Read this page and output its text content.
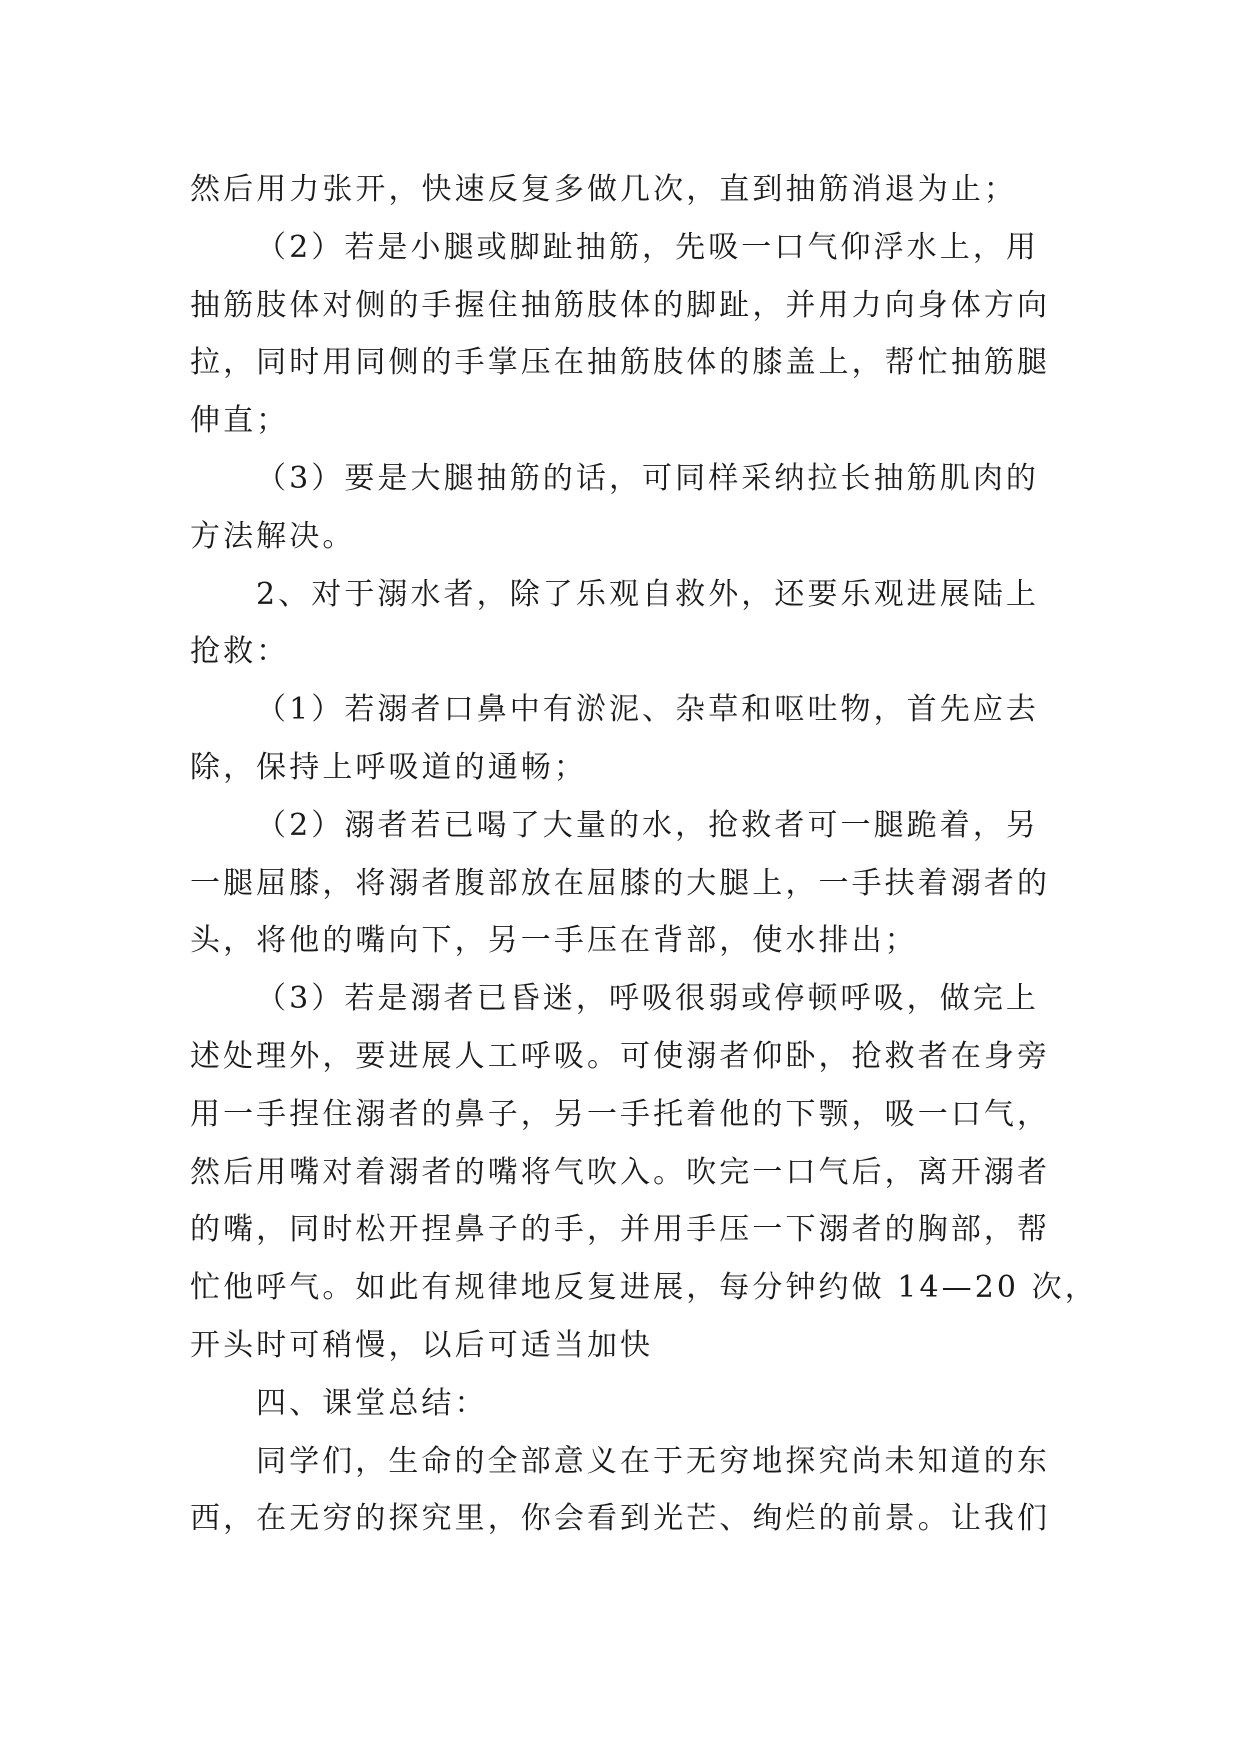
然后用力张开，快速反复多做几次，直到抽筋消退为止；
（2）若是小腿或脚趾抽筋，先吸一口气仰浮水上，用
抽筋肢体对侧的手握住抽筋肢体的脚趾，并用力向身体方向
拉，同时用同侧的手掌压在抽筋肢体的膝盖上，帮忙抽筋腿
伸直；
（3）要是大腿抽筋的话，可同样采纳拉长抽筋肌肉的
方法解决。
2、对于溺水者，除了乐观自救外，还要乐观进展陆上
抢救：
（1）若溺者口鼻中有淤泥、杂草和呕吐物，首先应去
除，保持上呼吸道的通畅；
（2）溺者若已喝了大量的水，抢救者可一腿跪着，另
一腿屈膝，将溺者腹部放在屈膝的大腿上，一手扶着溺者的
头，将他的嘴向下，另一手压在背部，使水排出；
（3）若是溺者已昏迷，呼吸很弱或停顿呼吸，做完上
述处理外，要进展人工呼吸。可使溺者仰卧，抢救者在身旁
用一手捏住溺者的鼻子，另一手托着他的下颚，吸一口气，
然后用嘴对着溺者的嘴将气吹入。吹完一口气后，离开溺者
的嘴，同时松开捏鼻子的手，并用手压一下溺者的胸部，帮
忙他呼气。如此有规律地反复进展，每分钟约做 14—20 次，
开头时可稍慢，以后可适当加快
四、课堂总结：
同学们，生命的全部意义在于无穷地探究尚未知道的东
西，在无穷的探究里，你会看到光芒、绚烂的前景。让我们
